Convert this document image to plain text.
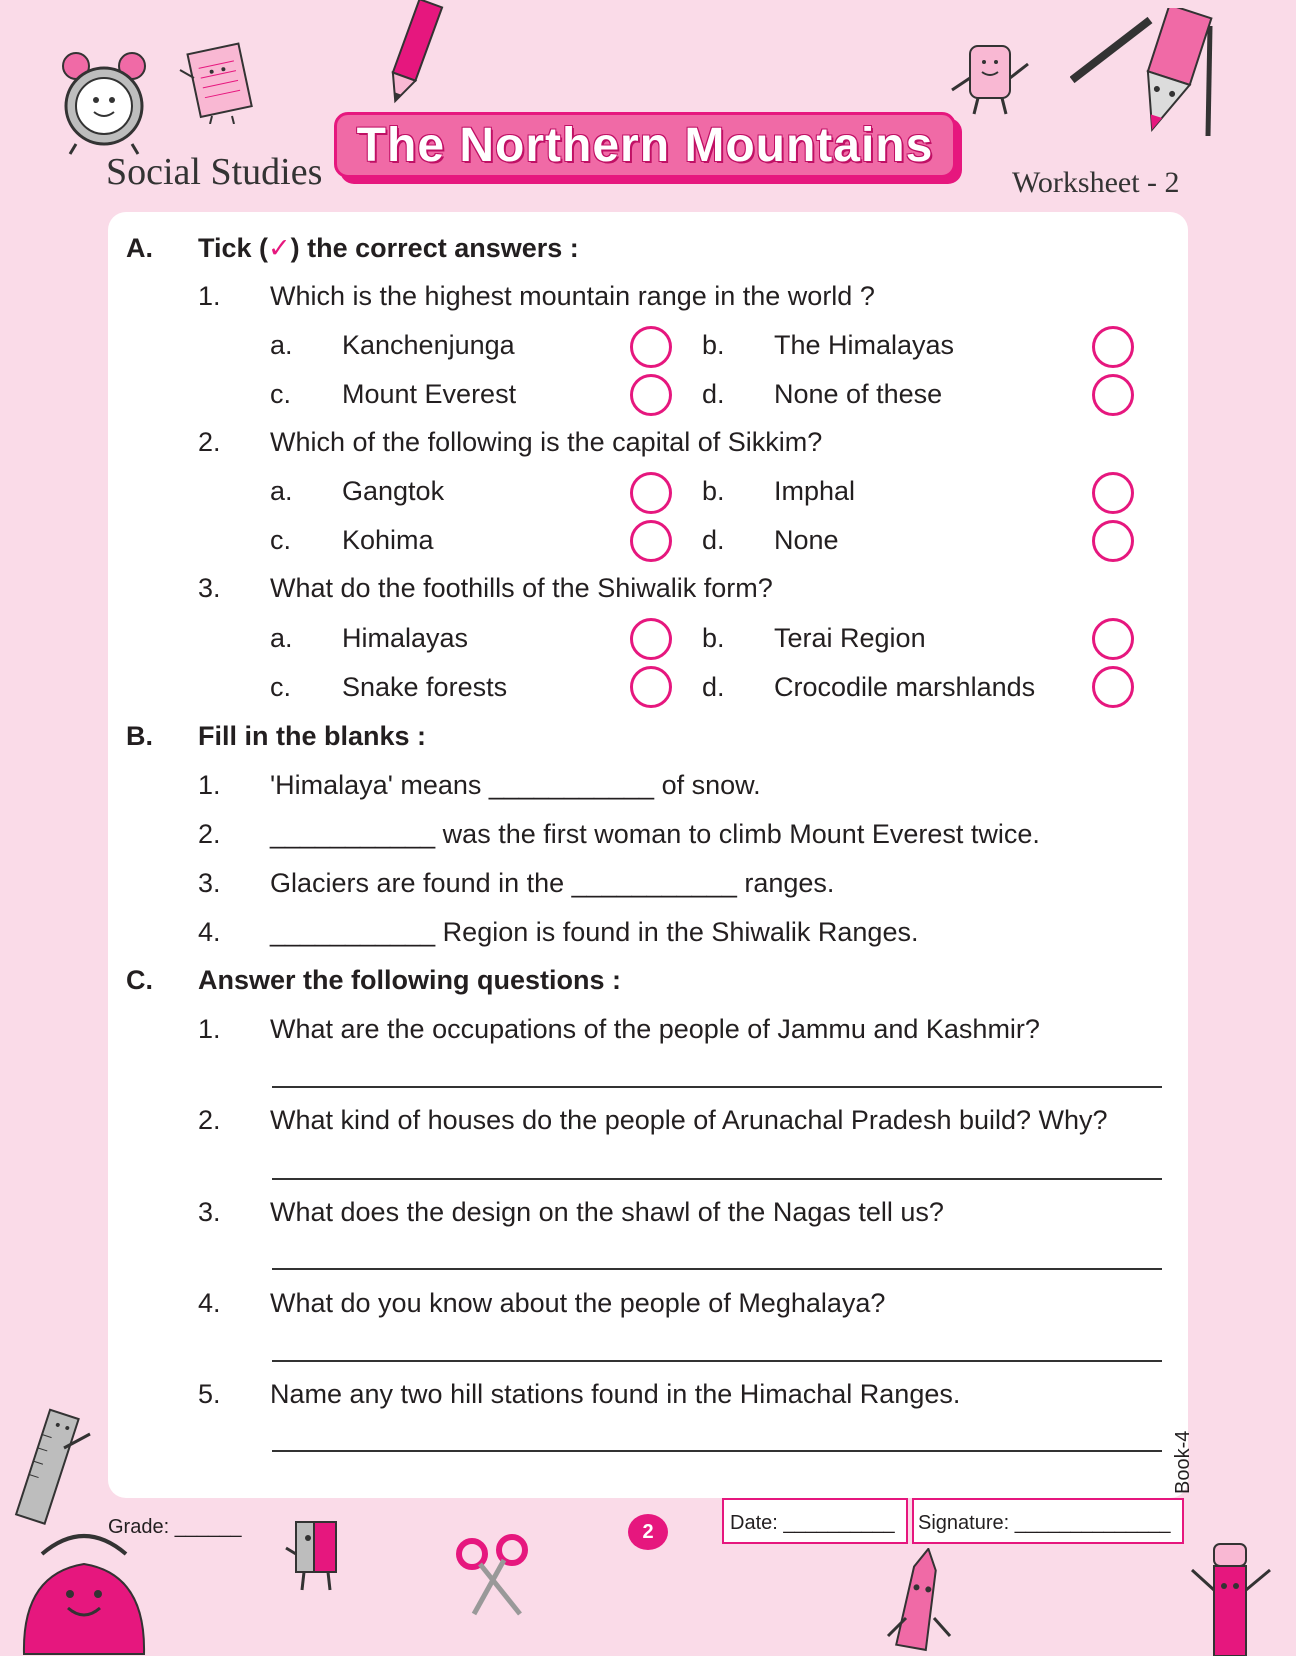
Social Studies
The Northern Mountains
Worksheet - 2
A. Tick (✓) the correct answers :
1. Which is the highest mountain range in the world ?
a. Kanchenjunga	b. The Himalayas
c. Mount Everest	d. None of these
2. Which of the following is the capital of Sikkim?
a. Gangtok	b. Imphal
c. Kohima	d. None
3. What do the foothills of the Shiwalik form?
a. Himalayas	b. Terai Region
c. Snake forests	d. Crocodile marshlands
B. Fill in the blanks :
1. 'Himalaya' means ___________ of snow.
2. ___________ was the first woman to climb Mount Everest twice.
3. Glaciers are found in the ___________ ranges.
4. ___________ Region is found in the Shiwalik Ranges.
C. Answer the following questions :
1. What are the occupations of the people of Jammu and Kashmir?
2. What kind of houses do the people of Arunachal Pradesh build? Why?
3. What does the design on the shawl of the Nagas tell us?
4. What do you know about the people of Meghalaya?
5. Name any two hill stations found in the Himachal Ranges.
Book-4
Grade: ______	2	Date: __________ Signature: ______________
